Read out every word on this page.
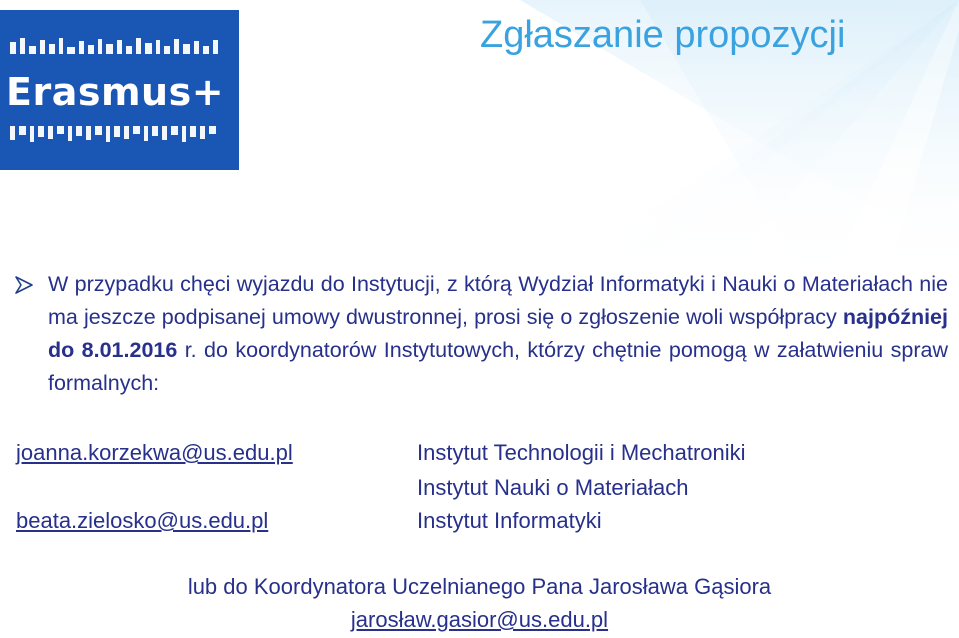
Erasmus+
Zgłaszanie propozycji

W przypadku chęci wyjazdu do Instytucji, z którą Wydział Informatyki i Nauki o Materiałach nie ma jeszcze podpisanej umowy dwustronnej, prosi się o zgłoszenie woli współpracy najpóźniej do 8.01.2016 r. do koordynatorów Instytutowych, którzy chętnie pomogą w załatwieniu spraw formalnych:

joanna.korzekwa@us.edu.pl	Instytut Technologii i Mechatroniki
Instytut Nauki o Materiałach
beata.zielosko@us.edu.pl	Instytut Informatyki
lub do Koordynatora Uczelnianego Pana Jarosława Gąsiora
jarosław.gasior@us.edu.pl
